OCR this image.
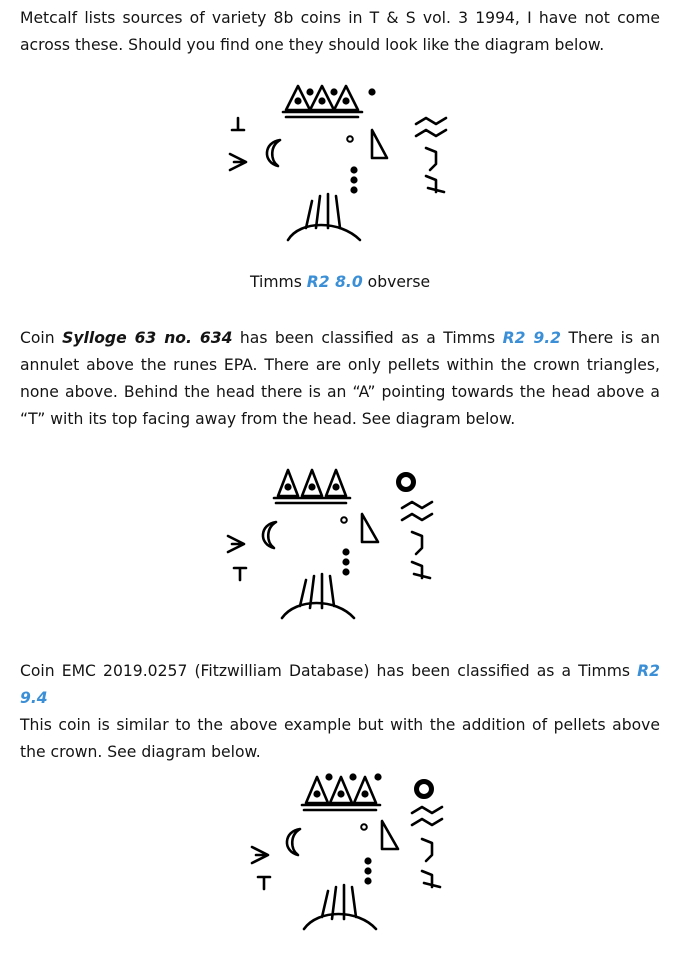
Metcalf lists sources of variety 8b coins in T & S vol. 3 1994, I have not come across these. Should you find one they should look like the diagram below.
Timms R2 8.0 obverse
Coin Sylloge 63 no. 634 has been classified as a Timms R2 9.2 There is an annulet above the runes EPA. There are only pellets within the crown triangles, none above. Behind the head there is an “A” pointing towards the head above a “T” with its top facing away from the head. See diagram below.
Coin EMC 2019.0257 (Fitzwilliam Database) has been classified as a Timms R2 9.4
This coin is similar to the above example but with the addition of pellets above the crown. See diagram below.
